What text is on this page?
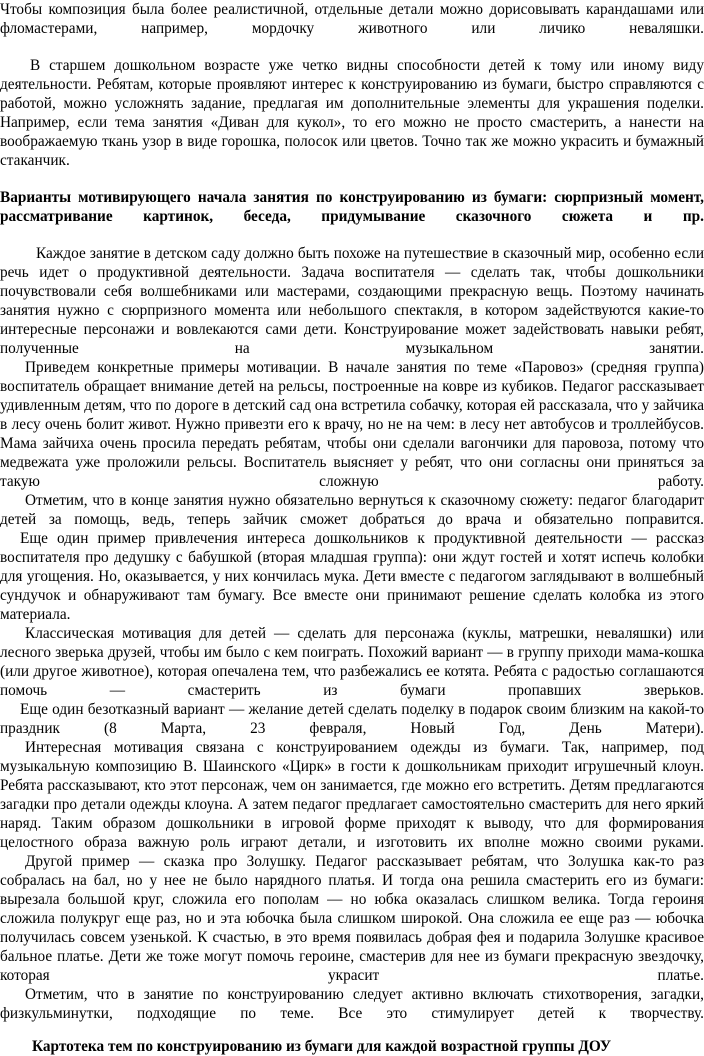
Чтобы композиция была более реалистичной, отдельные детали можно дорисовывать карандашами или фломастерами, например, мордочку животного или личико неваляшки.

В старшем дошкольном возрасте уже четко видны способности детей к тому или иному виду деятельности. Ребятам, которые проявляют интерес к конструированию из бумаги, быстро справляются с работой, можно усложнять задание, предлагая им дополнительные элементы для украшения поделки. Например, если тема занятия «Диван для кукол», то его можно не просто смастерить, а нанести на воображаемую ткань узор в виде горошка, полосок или цветов. Точно так же можно украсить и бумажный стаканчик.

Варианты мотивирующего начала занятия по конструированию из бумаги: сюрпризный момент, рассматривание картинок, беседа, придумывание сказочного сюжета и пр.

Каждое занятие в детском саду должно быть похоже на путешествие в сказочный мир, особенно если речь идет о продуктивной деятельности. Задача воспитателя — сделать так, чтобы дошкольники почувствовали себя волшебниками или мастерами, создающими прекрасную вещь. Поэтому начинать занятия нужно с сюрпризного момента или небольшого спектакля, в котором задействуются какие-то интересные персонажи и вовлекаются сами дети. Конструирование может задействовать навыки ребят, полученные на музыкальном занятии.

Приведем конкретные примеры мотивации. В начале занятия по теме «Паровоз» (средняя группа) воспитатель обращает внимание детей на рельсы, построенные на ковре из кубиков. Педагог рассказывает удивленным детям, что по дороге в детский сад она встретила собачку, которая ей рассказала, что у зайчика в лесу очень болит живот. Нужно привезти его к врачу, но не на чем: в лесу нет автобусов и троллейбусов. Мама зайчиха очень просила передать ребятам, чтобы они сделали вагончики для паровоза, потому что медвежата уже проложили рельсы. Воспитатель выясняет у ребят, что они согласны они приняться за такую сложную работу.

Отметим, что в конце занятия нужно обязательно вернуться к сказочному сюжету: педагог благодарит детей за помощь, ведь, теперь зайчик сможет добраться до врача и обязательно поправится.

Еще один пример привлечения интереса дошкольников к продуктивной деятельности — рассказ воспитателя про дедушку с бабушкой (вторая младшая группа): они ждут гостей и хотят испечь колобки для угощения. Но, оказывается, у них кончилась мука. Дети вместе с педагогом заглядывают в волшебный сундучок и обнаруживают там бумагу. Все вместе они принимают решение сделать колобка из этого материала.

Классическая мотивация для детей — сделать для персонажа (куклы, матрешки, неваляшки) или лесного зверька друзей, чтобы им было с кем поиграть. Похожий вариант — в группу приходи мама-кошка (или другое животное), которая опечалена тем, что разбежались ее котята. Ребята с радостью соглашаются помочь — смастерить из бумаги пропавших зверьков.

Еще один безотказный вариант — желание детей сделать поделку в подарок своим близким на какой-то праздник (8 Марта, 23 февраля, Новый Год, День Матери).

Интересная мотивация связана с конструированием одежды из бумаги. Так, например, под музыкальную композицию В. Шаинского «Цирк» в гости к дошкольникам приходит игрушечный клоун. Ребята рассказывают, кто этот персонаж, чем он занимается, где можно его встретить. Детям предлагаются загадки про детали одежды клоуна. А затем педагог предлагает самостоятельно смастерить для него яркий наряд. Таким образом дошкольники в игровой форме приходят к выводу, что для формирования целостного образа важную роль играют детали, и изготовить их вполне можно своими руками.

Другой пример — сказка про Золушку. Педагог рассказывает ребятам, что Золушка как-то раз собралась на бал, но у нее не было нарядного платья. И тогда она решила смастерить его из бумаги: вырезала большой круг, сложила его пополам — но юбка оказалась слишком велика. Тогда героиня сложила полукруг еще раз, но и эта юбочка была слишком широкой. Она сложила ее еще раз — юбочка получилась совсем узенькой. К счастью, в это время появилась добрая фея и подарила Золушке красивое бальное платье. Дети же тоже могут помочь героине, смастерив для нее из бумаги прекрасную звездочку, которая украсит платье.

Отметим, что в занятие по конструированию следует активно включать стихотворения, загадки, физкульминутки, подходящие по теме. Все это стимулирует детей к творчеству.

Картотека тем по конструированию из бумаги для каждой возрастной группы ДОУ
